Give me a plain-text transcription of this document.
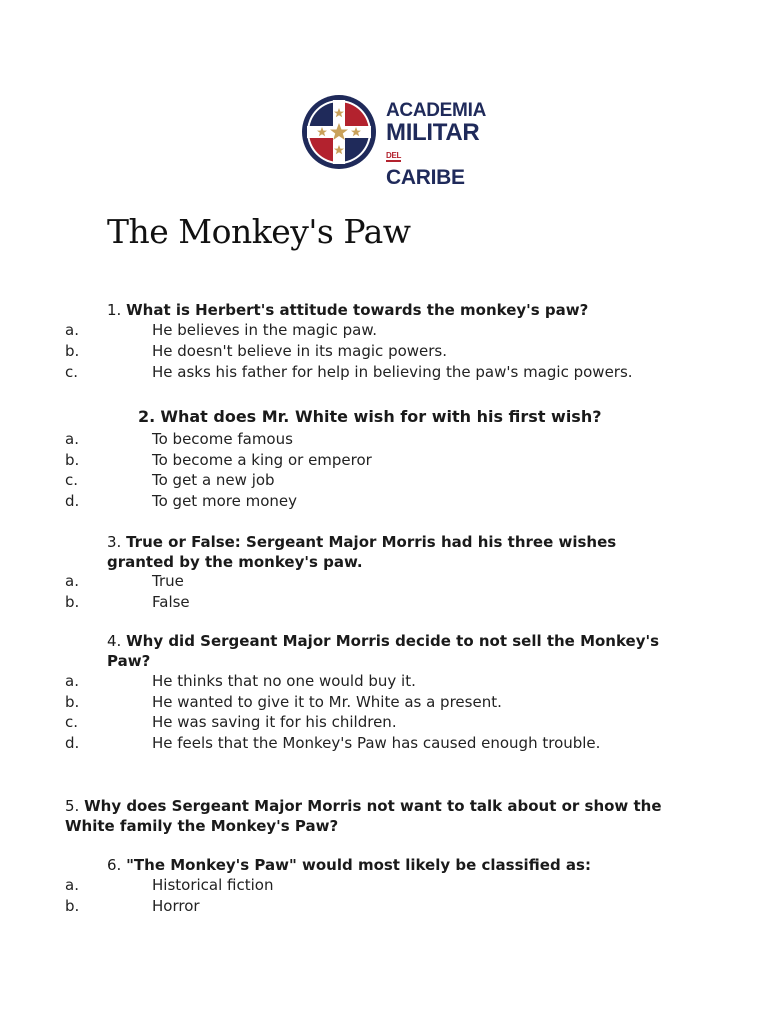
ACADEMIA
MILITAR
DELCARIBE
The Monkey's Paw

1. What is Herbert's attitude towards the monkey's paw?

a.	He believes in the magic paw.
b.	He doesn't believe in its magic powers.
c.	He asks his father for help in believing the paw's magic powers.

2. What does Mr. White wish for with his first wish?

a.	To become famous
b.	To become a king or emperor
c.	To get a new job
d.	To get more money

3. True or False: Sergeant Major Morris had his three wishes granted by the monkey's paw.

a.	True
b.	False

4. Why did Sergeant Major Morris decide to not sell the Monkey's Paw?

a.	He thinks that no one would buy it.
b.	He wanted to give it to Mr. White as a present.
c.	He was saving it for his children.
d.	He feels that the Monkey's Paw has caused enough trouble.

5. Why does Sergeant Major Morris not want to talk about or show the White family the Monkey's Paw?

6. "The Monkey's Paw" would most likely be classified as:

a.	Historical fiction
b.	Horror
